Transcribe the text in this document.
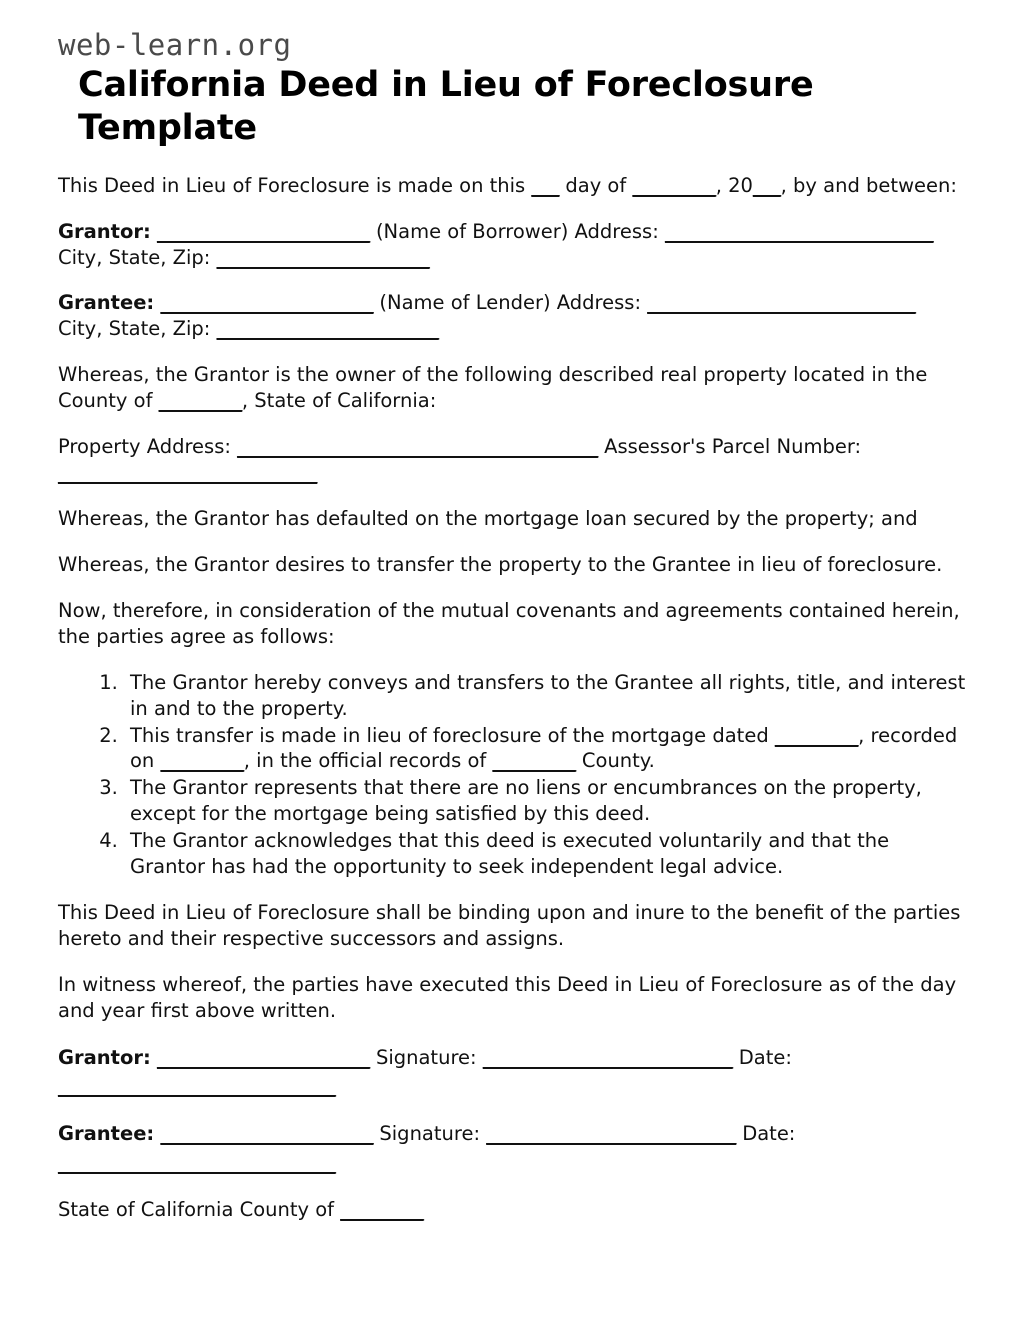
web-learn.org
California Deed in Lieu of Foreclosure Template

This Deed in Lieu of Foreclosure is made on this ___ day of _________, 20___, by and between:

Grantor: _______________________ (Name of Borrower) Address: _____________________________ City, State, Zip: _______________________

Grantee: _______________________ (Name of Lender) Address: _____________________________ City, State, Zip: ________________________

Whereas, the Grantor is the owner of the following described real property located in the County of _________, State of California:

Property Address: _______________________________________ Assessor's Parcel Number: ____________________________

Whereas, the Grantor has defaulted on the mortgage loan secured by the property; and

Whereas, the Grantor desires to transfer the property to the Grantee in lieu of foreclosure.

Now, therefore, in consideration of the mutual covenants and agreements contained herein, the parties agree as follows:

1. The Grantor hereby conveys and transfers to the Grantee all rights, title, and interest in and to the property.
2. This transfer is made in lieu of foreclosure of the mortgage dated _________, recorded on _________, in the official records of _________ County.
3. The Grantor represents that there are no liens or encumbrances on the property, except for the mortgage being satisfied by this deed.
4. The Grantor acknowledges that this deed is executed voluntarily and that the Grantor has had the opportunity to seek independent legal advice.

This Deed in Lieu of Foreclosure shall be binding upon and inure to the benefit of the parties hereto and their respective successors and assigns.

In witness whereof, the parties have executed this Deed in Lieu of Foreclosure as of the day and year first above written.

Grantor: _______________________ Signature: ___________________________ Date: ______________________________

Grantee: _______________________ Signature: ___________________________ Date: ______________________________

State of California County of _________
